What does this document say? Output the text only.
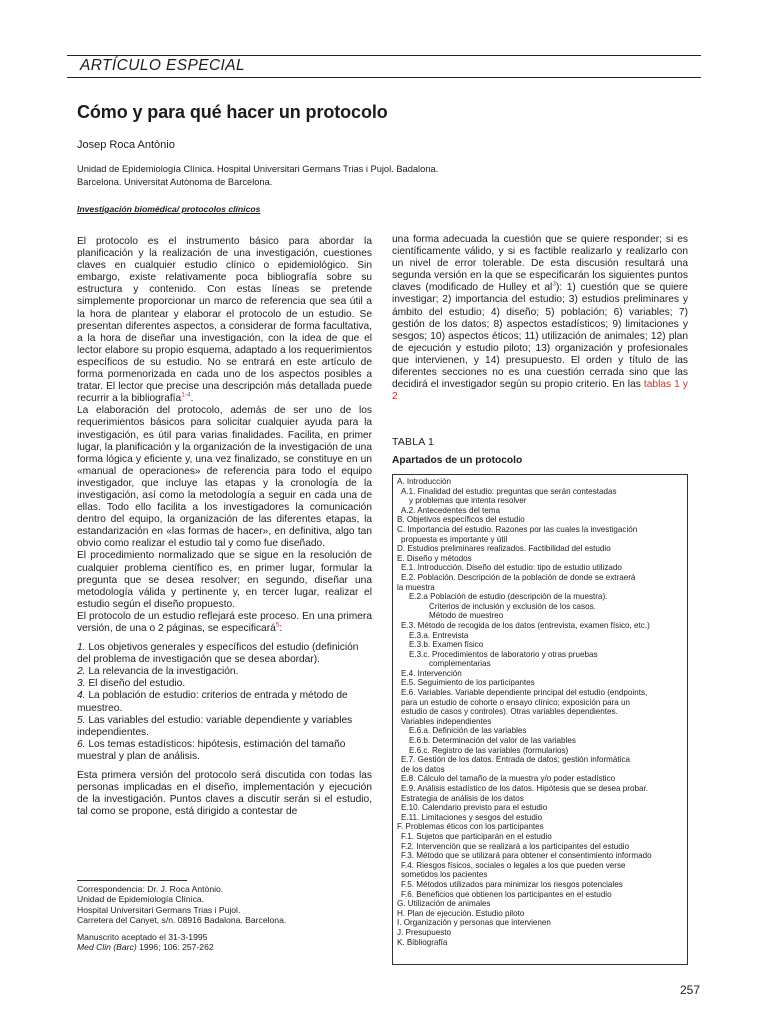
ARTÍCULO ESPECIAL
Cómo y para qué hacer un protocolo
Josep Roca Antònio
Unidad de Epidemiología Clínica. Hospital Universitari Germans Trias i Pujol. Badalona.
Barcelona. Universitat Autònoma de Barcelona.
Investigación biomédica/ protocolos clínicos

El protocolo es el instrumento básico para abordar la planificación y la realización de una investigación, cuestiones claves en cualquier estudio clínico o epidemiológico. Sin embargo, existe relativamente poca bibliografía sobre su estructura y contenido. Con estas líneas se pretende simplemente proporcionar un marco de referencia que sea útil a la hora de plantear y elaborar el protocolo de un estudio. Se presentan diferentes aspectos, a considerar de forma facultativa, a la hora de diseñar una investigación, con la idea de que el lector elabore su propio esquema, adaptado a los requerimientos específicos de su estudio. No se entrará en este artículo de forma pormenorizada en cada uno de los aspectos posibles a tratar. El lector que precise una descripción más detallada puede recurrir a la bibliografía$^{1-4}$.

La elaboración del protocolo, además de ser uno de los requerimientos básicos para solicitar cualquier ayuda para la investigación, es útil para varias finalidades. Facilita, en primer lugar, la planificación y la organización de la investigación de una forma lógica y eficiente y, una vez finalizado, se constituye en un «manual de operaciones» de referencia para todo el equipo investigador, que incluye las etapas y la cronología de la investigación, así como la metodología a seguir en cada una de ellas. Todo ello facilita a los investigadores la comunicación dentro del equipo, la organización de las diferentes etapas, la estandarización en «las formas de hacer», en definitiva, algo tan obvio como realizar el estudio tal y como fue diseñado.

El procedimiento normalizado que se sigue en la resolución de cualquier problema científico es, en primer lugar, formular la pregunta que se desea resolver; en segundo, diseñar una metodología válida y pertinente y, en tercer lugar, realizar el estudio según el diseño propuesto.

El protocolo de un estudio reflejará este proceso. En una primera versión, de una o 2 páginas, se especificará$^5$:

1. Los objetivos generales y específicos del estudio (definición del problema de investigación que se desea abordar).
2. La relevancia de la investigación.
3. El diseño del estudio.
4. La población de estudio: criterios de entrada y método de muestreo.
5. Las variables del estudio: variable dependiente y variables independientes.
6. Los temas estadísticos: hipótesis, estimación del tamaño muestral y plan de análisis.

Esta primera versión del protocolo será discutida con todas las personas implicadas en el diseño, implementación y ejecución de la investigación. Puntos claves a discutir serán si el estudio, tal como se propone, está dirigido a contestar de

una forma adecuada la cuestión que se quiere responder; si es científicamente válido, y si es factible realizarlo y realizarlo con un nivel de error tolerable. De esta discusión resultará una segunda versión en la que se especificarán los siguientes puntos claves (modificado de Hulley et $al^3$): 1) cuestión que se quiere investigar; 2) importancia del estudio; 3) estudios preliminares y ámbito del estudio; 4) diseño; 5) población; 6) variables; 7) gestión de los datos; 8) aspectos estadísticos; 9) limitaciones y sesgos; 10) aspectos éticos; 11) utilización de animales; 12) plan de ejecución y estudio piloto; 13) organización y profesionales que intervienen, y 14) presupuesto. El orden y título de las diferentes secciones no es una cuestión cerrada sino que las decidirá el investigador según su propio criterio. En las tablas 1 y 2

TABLA 1
Apartados de un protocolo
A. Introducción
A.1. Finalidad del estudio: preguntas que serán contestadas
y problemas que intenta resolver
A.2. Antecedentes del tema
B. Objetivos específicos del estudio
C. Importancia del estudio. Razones por las cuales la investigación
propuesta es importante y útil
D. Estudios preliminares realizados. Factibilidad del estudio
E. Diseño y métodos
E.1. Introducción. Diseño del estudio: tipo de estudio utilizado
E.2. Población. Descripción de la población de donde se extraerá
la muestra
E.2.a Población de estudio (descripción de la muestra).
Criterios de inclusión y exclusión de los casos.
Método de muestreo
E.3. Método de recogida de los datos (entrevista, examen físico, etc.)
E.3.a. Entrevista
E.3.b. Examen físico
E.3.c. Procedimientos de laboratorio y otras pruebas
complementarias
E.4. Intervención
E.5. Seguimiento de los participantes
E.6. Variables. Variable dependiente principal del estudio (endpoints,
para un estudio de cohorte o ensayo clínico; exposición para un
estudio de casos y controles). Otras variables dependientes.
Variables independientes
E.6.a. Definición de las variables
E.6.b. Determinación del valor de las variables
E.6.c. Registro de las variables (formularios)
E.7. Gestión de los datos. Entrada de datos; gestión informática
de los datos
E.8. Cálculo del tamaño de la muestra y/o poder estadístico
E.9. Análisis estadístico de los datos. Hipótesis que se desea probar.
Estrategia de análisis de los datos
E.10. Calendario previsto para el estudio
E.11. Limitaciones y sesgos del estudio
F. Problemas éticos con los participantes
F.1. Sujetos que participarán en el estudio
F.2. Intervención que se realizará a los participantes del estudio
F.3. Método que se utilizará para obtener el consentimiento informado
F.4. Riesgos físicos, sociales o legales a los que pueden verse
sometidos los pacientes
F.5. Métodos utilizados para minimizar los riesgos potenciales
F.6. Beneficios que obtienen los participantes en el estudio
G. Utilización de animales
H. Plan de ejecución. Estudio piloto
I. Organización y personas que intervienen
J. Presupuesto
K. Bibliografía
Correspondencia: Dr. J. Roca Antònio.
Unidad de Epidemiología Clínica.
Hospital Universitari Germans Trias i Pujol.
Carretera del Canyet, s/n. 08916 Badalona. Barcelona.
Manuscrito aceptado el 31-3-1995
Med Clin (Barc) 1996; 106: 257-262
257
